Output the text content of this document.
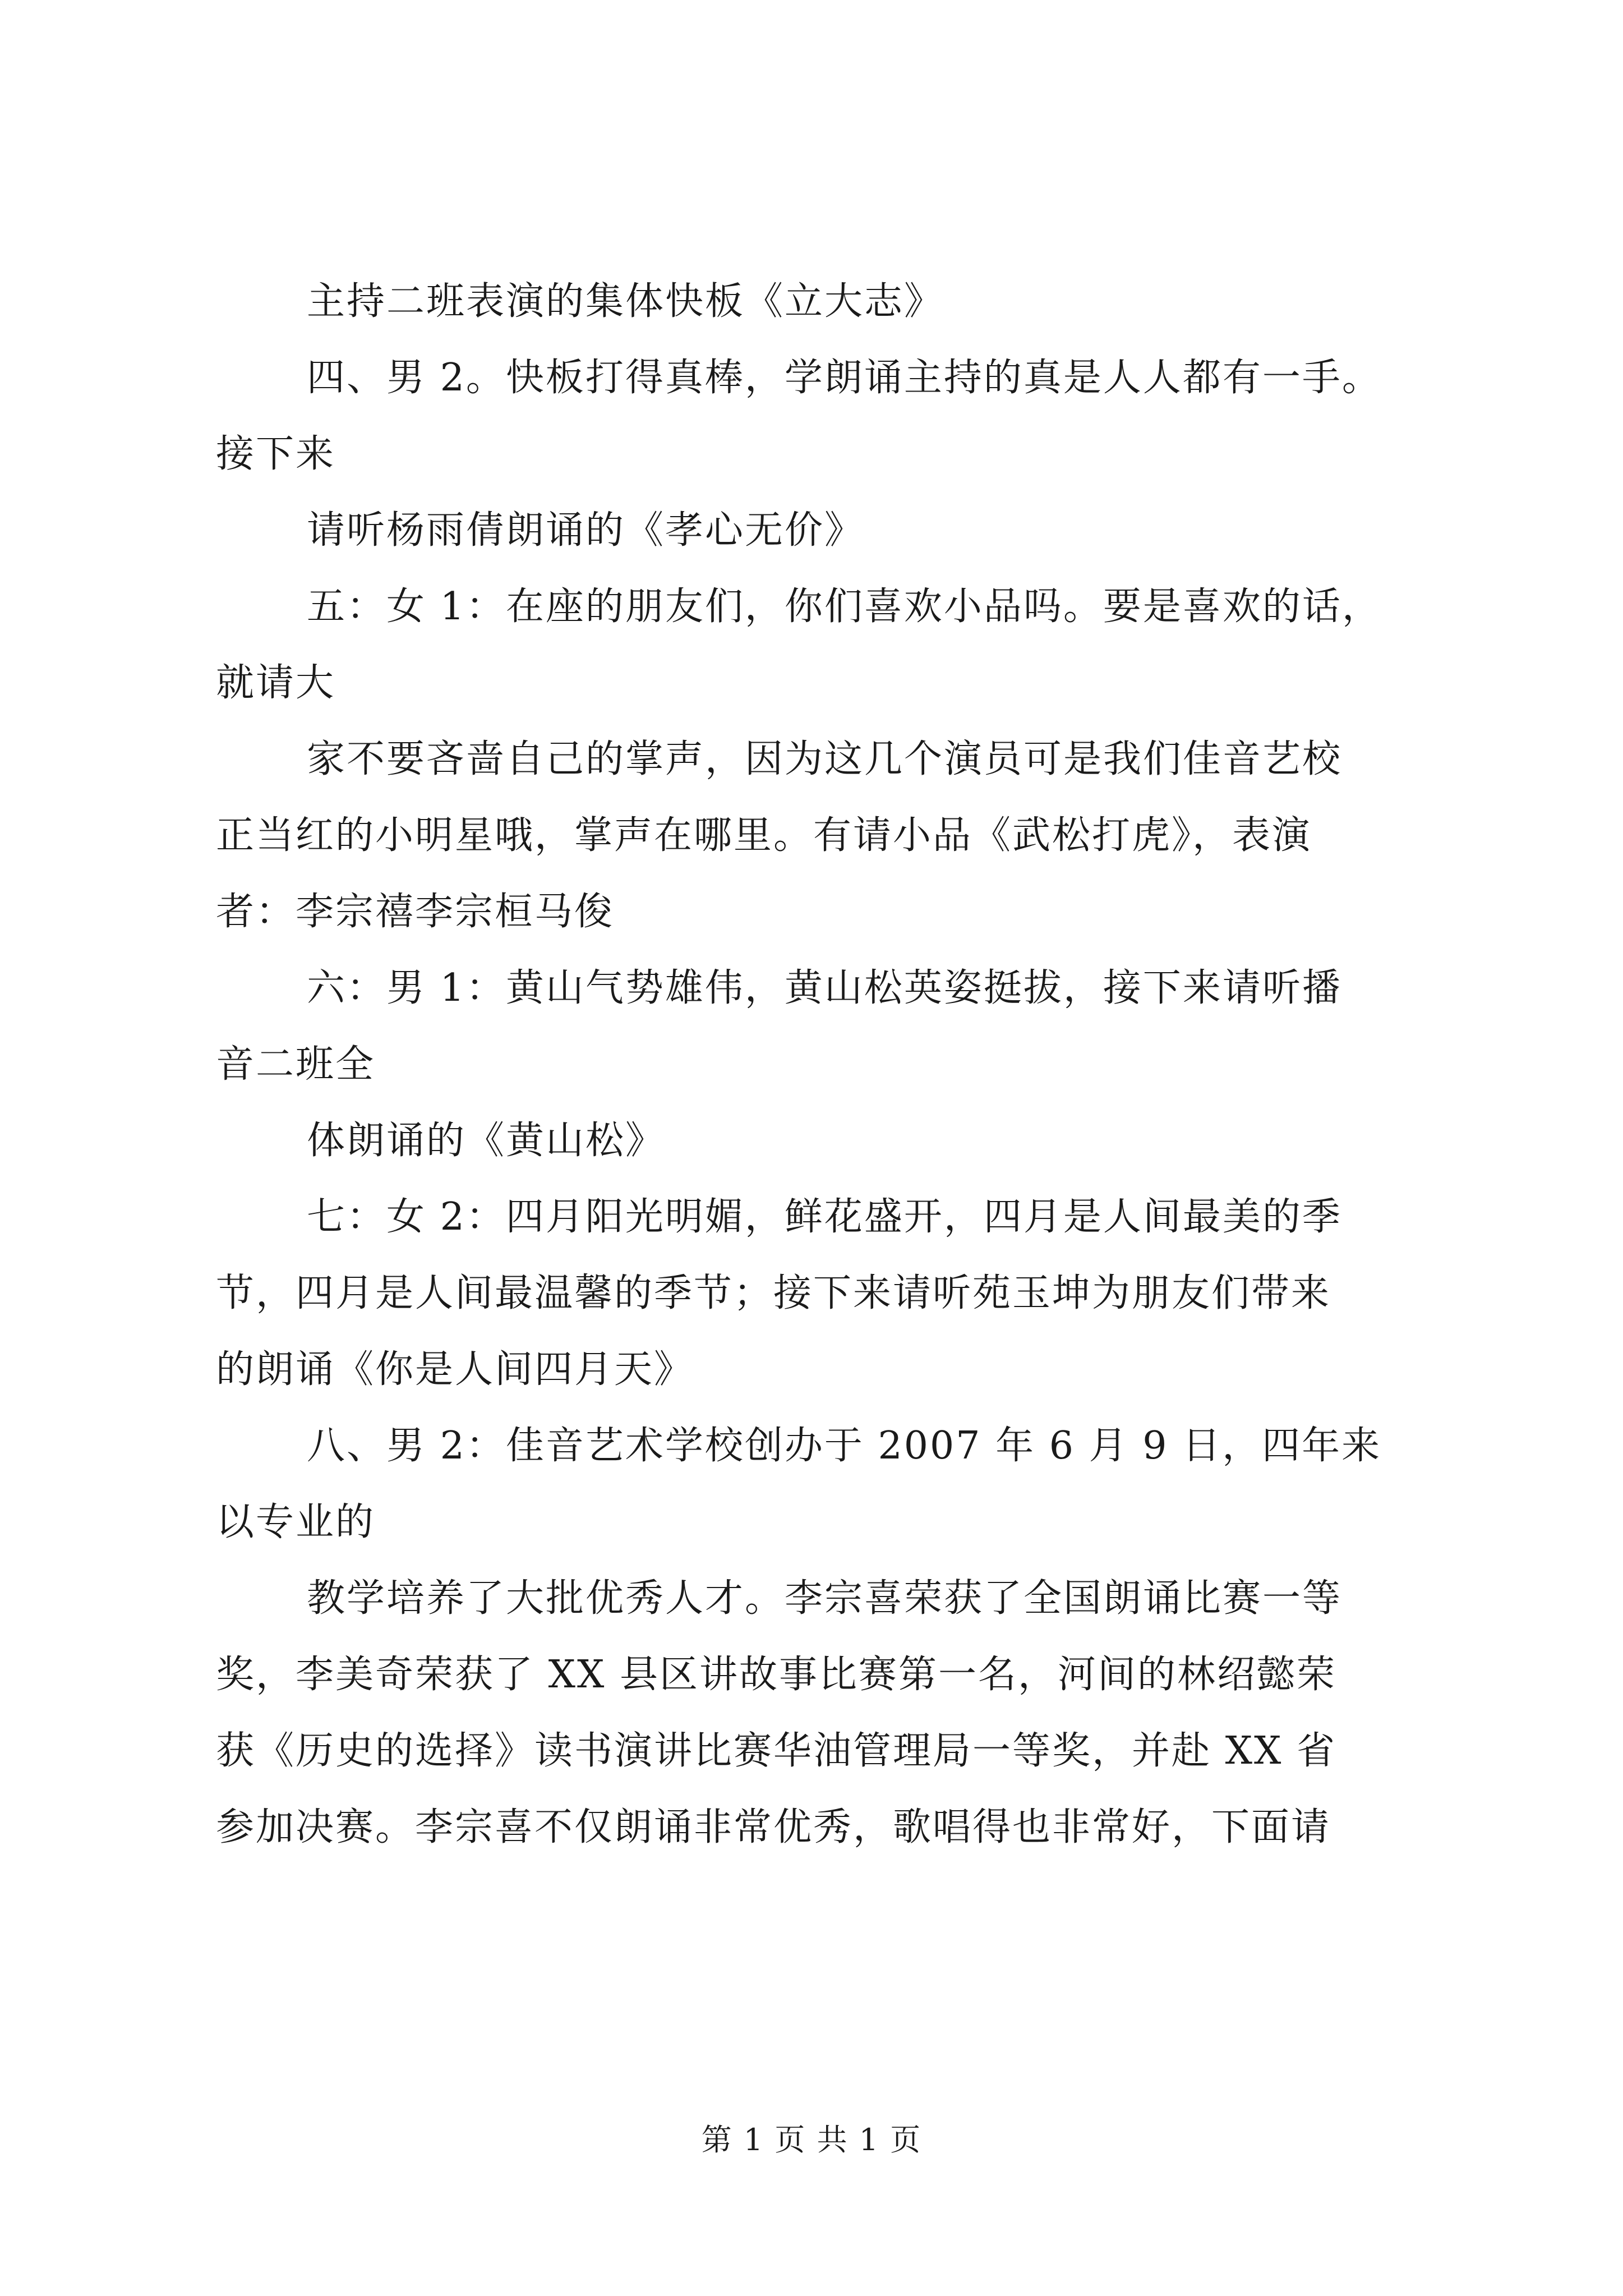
主持二班表演的集体快板《立大志》
四、男 2。快板打得真棒，学朗诵主持的真是人人都有一手。
接下来
请听杨雨倩朗诵的《孝心无价》
五：女 1：在座的朋友们，你们喜欢小品吗。要是喜欢的话，
就请大
家不要吝啬自己的掌声，因为这几个演员可是我们佳音艺校
正当红的小明星哦，掌声在哪里。有请小品《武松打虎》，表演
者：李宗禧李宗桓马俊
六：男 1：黄山气势雄伟，黄山松英姿挺拔，接下来请听播
音二班全
体朗诵的《黄山松》
七：女 2：四月阳光明媚，鲜花盛开，四月是人间最美的季
节，四月是人间最温馨的季节；接下来请听苑玉坤为朋友们带来
的朗诵《你是人间四月天》
八、男 2：佳音艺术学校创办于 2007 年 6 月 9 日，四年来
以专业的
教学培养了大批优秀人才。李宗喜荣获了全国朗诵比赛一等
奖，李美奇荣获了 XX 县区讲故事比赛第一名，河间的林绍懿荣
获《历史的选择》读书演讲比赛华油管理局一等奖，并赴 XX 省
参加决赛。李宗喜不仅朗诵非常优秀，歌唱得也非常好，下面请
第 1 页 共 1 页
